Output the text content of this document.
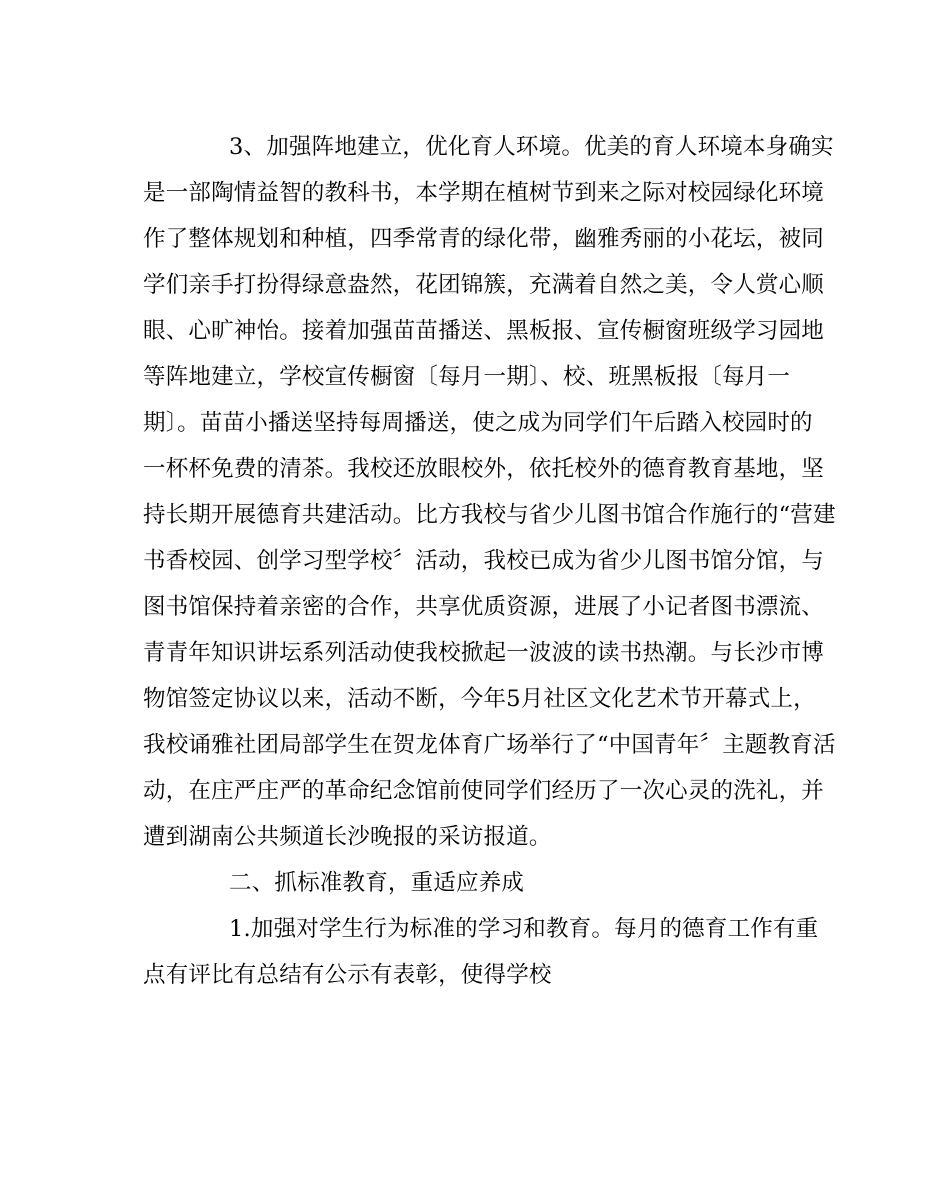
3、加强阵地建立，优化育人环境。优美的育人环境本身确实

是一部陶情益智的教科书，本学期在植树节到来之际对校园绿化环境

作了整体规划和种植，四季常青的绿化带，幽雅秀丽的小花坛，被同

学们亲手打扮得绿意盎然，花团锦簇，充满着自然之美，令人赏心顺

眼、心旷神怡。接着加强苗苗播送、黑板报、宣传橱窗班级学习园地

等阵地建立，学校宣传橱窗〔每月一期〕、校、班黑板报〔每月一

期〕。苗苗小播送坚持每周播送，使之成为同学们午后踏入校园时的

一杯杯免费的清茶。我校还放眼校外，依托校外的德育教育基地，坚

持长期开展德育共建活动。比方我校与省少儿图书馆合作施行的“营建

书香校园、创学习型学校〞活动，我校已成为省少儿图书馆分馆，与

图书馆保持着亲密的合作，共享优质资源，进展了小记者图书漂流、

青青年知识讲坛系列活动使我校掀起一波波的读书热潮。与长沙市博

物馆签定协议以来，活动不断，今年5月社区文化艺术节开幕式上，

我校诵雅社团局部学生在贺龙体育广场举行了“中国青年〞主题教育活

动，在庄严庄严的革命纪念馆前使同学们经历了一次心灵的洗礼，并

遭到湖南公共频道长沙晚报的采访报道。

二、抓标准教育，重适应养成

1.加强对学生行为标准的学习和教育。每月的德育工作有重

点有评比有总结有公示有表彰，使得学校
